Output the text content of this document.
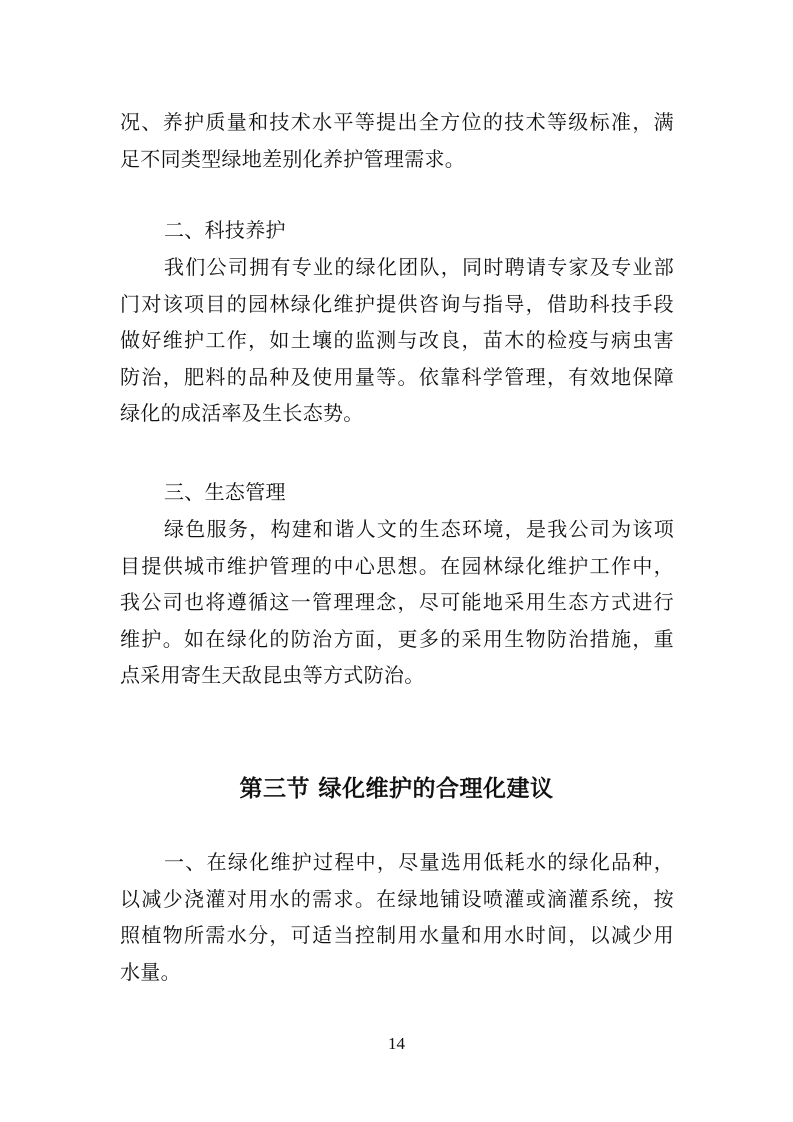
况、养护质量和技术水平等提出全方位的技术等级标准，满
足不同类型绿地差别化养护管理需求。
二、科技养护
我们公司拥有专业的绿化团队，同时聘请专家及专业部
门对该项目的园林绿化维护提供咨询与指导，借助科技手段
做好维护工作，如土壤的监测与改良，苗木的检疫与病虫害
防治，肥料的品种及使用量等。依靠科学管理，有效地保障
绿化的成活率及生长态势。
三、生态管理
绿色服务，构建和谐人文的生态环境，是我公司为该项
目提供城市维护管理的中心思想。在园林绿化维护工作中，
我公司也将遵循这一管理理念，尽可能地采用生态方式进行
维护。如在绿化的防治方面，更多的采用生物防治措施，重
点采用寄生天敌昆虫等方式防治。
第三节 绿化维护的合理化建议
一、在绿化维护过程中，尽量选用低耗水的绿化品种，
以减少浇灌对用水的需求。在绿地铺设喷灌或滴灌系统，按
照植物所需水分，可适当控制用水量和用水时间，以减少用
水量。
14
